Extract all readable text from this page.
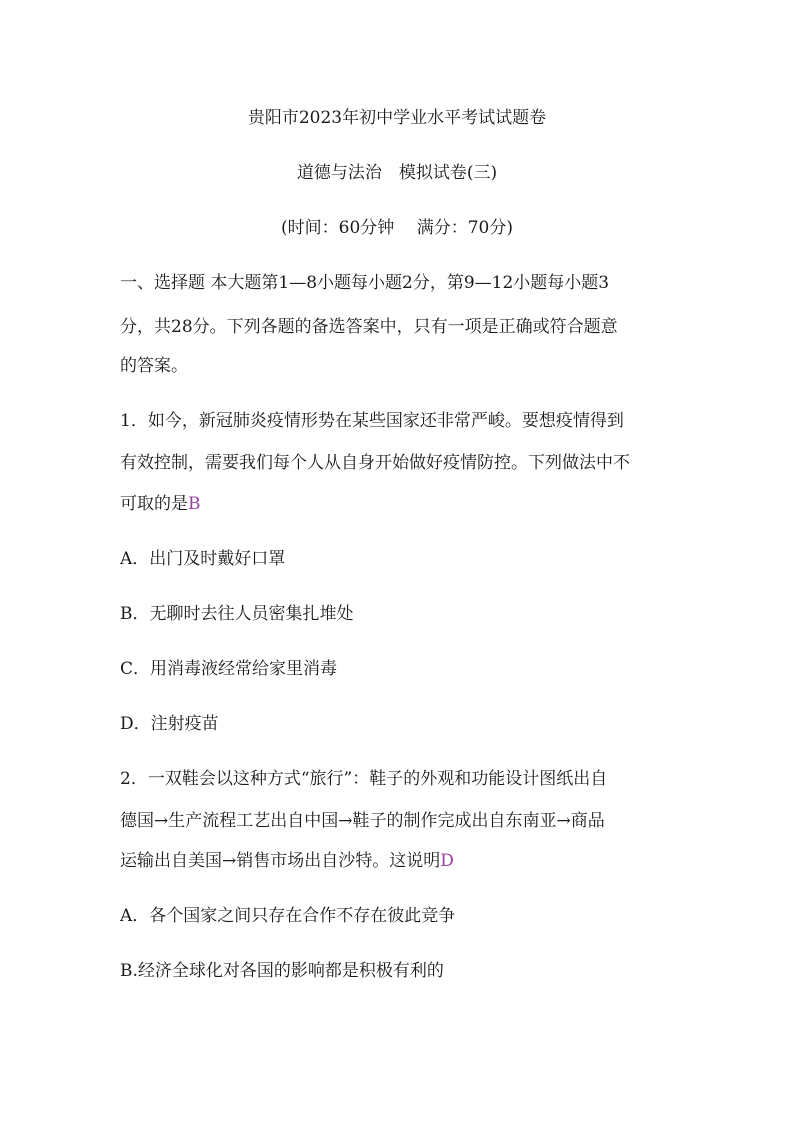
贵阳市2023年初中学业水平考试试题卷
道德与法治　模拟试卷(三)
(时间：60分钟　 满分：70分)
一、选择题 本大题第1—8小题每小题2分，第9—12小题每小题3
分，共28分。下列各题的备选答案中，只有一项是正确或符合题意
的答案。
1．如今，新冠肺炎疫情形势在某些国家还非常严峻。要想疫情得到
有效控制，需要我们每个人从自身开始做好疫情防控。下列做法中不
可取的是B
A．出门及时戴好口罩
B．无聊时去往人员密集扎堆处
C．用消毒液经常给家里消毒
D．注射疫苗
2．一双鞋会以这种方式“旅行”：鞋子的外观和功能设计图纸出自
德国→生产流程工艺出自中国→鞋子的制作完成出自东南亚→商品
运输出自美国→销售市场出自沙特。这说明D
A．各个国家之间只存在合作不存在彼此竞争
B.经济全球化对各国的影响都是积极有利的
